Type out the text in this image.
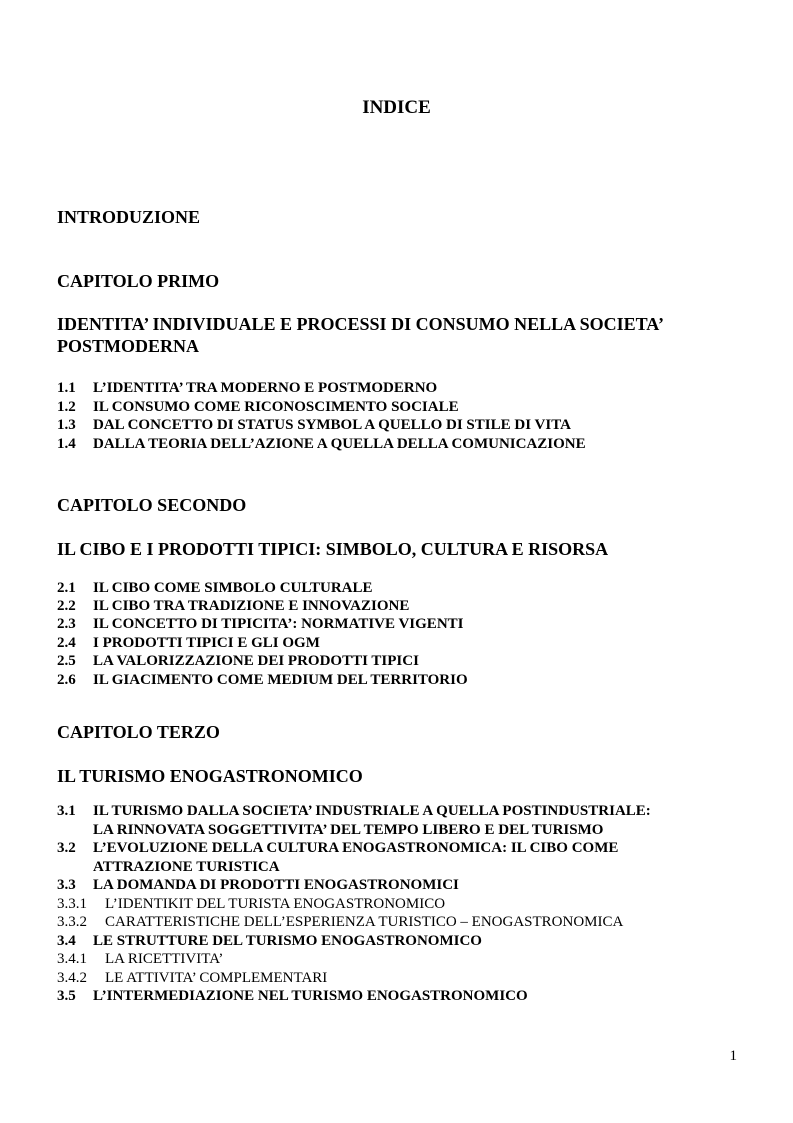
INDICE
INTRODUZIONE
CAPITOLO PRIMO
IDENTITA’ INDIVIDUALE E PROCESSI DI CONSUMO NELLA SOCIETA’
POSTMODERNA
1.1 L’IDENTITA’ TRA MODERNO E POSTMODERNO
1.2 IL CONSUMO COME RICONOSCIMENTO SOCIALE
1.3 DAL CONCETTO DI STATUS SYMBOL A QUELLO DI STILE DI VITA
1.4 DALLA TEORIA DELL’AZIONE A QUELLA DELLA COMUNICAZIONE
CAPITOLO SECONDO
IL CIBO E I PRODOTTI TIPICI: SIMBOLO, CULTURA E RISORSA
2.1 IL CIBO COME SIMBOLO CULTURALE
2.2 IL CIBO TRA TRADIZIONE E INNOVAZIONE
2.3 IL CONCETTO DI TIPICITA’: NORMATIVE VIGENTI
2.4 I PRODOTTI TIPICI E GLI OGM
2.5 LA VALORIZZAZIONE DEI PRODOTTI TIPICI
2.6 IL GIACIMENTO COME MEDIUM DEL TERRITORIO
CAPITOLO TERZO
IL TURISMO ENOGASTRONOMICO
3.1 IL TURISMO DALLA SOCIETA’ INDUSTRIALE A QUELLA POSTINDUSTRIALE:
LA RINNOVATA SOGGETTIVITA’ DEL TEMPO LIBERO E DEL TURISMO
3.2 L’EVOLUZIONE DELLA CULTURA ENOGASTRONOMICA: IL CIBO COME
ATTRAZIONE TURISTICA
3.3 LA DOMANDA DI PRODOTTI ENOGASTRONOMICI
3.3.1 L’IDENTIKIT DEL TURISTA ENOGASTRONOMICO
3.3.2 CARATTERISTICHE DELL’ESPERIENZA TURISTICO – ENOGASTRONOMICA
3.4 LE STRUTTURE DEL TURISMO ENOGASTRONOMICO
3.4.1 LA RICETTIVITA’
3.4.2 LE ATTIVITA’ COMPLEMENTARI
3.5 L’INTERMEDIAZIONE NEL TURISMO ENOGASTRONOMICO
1
